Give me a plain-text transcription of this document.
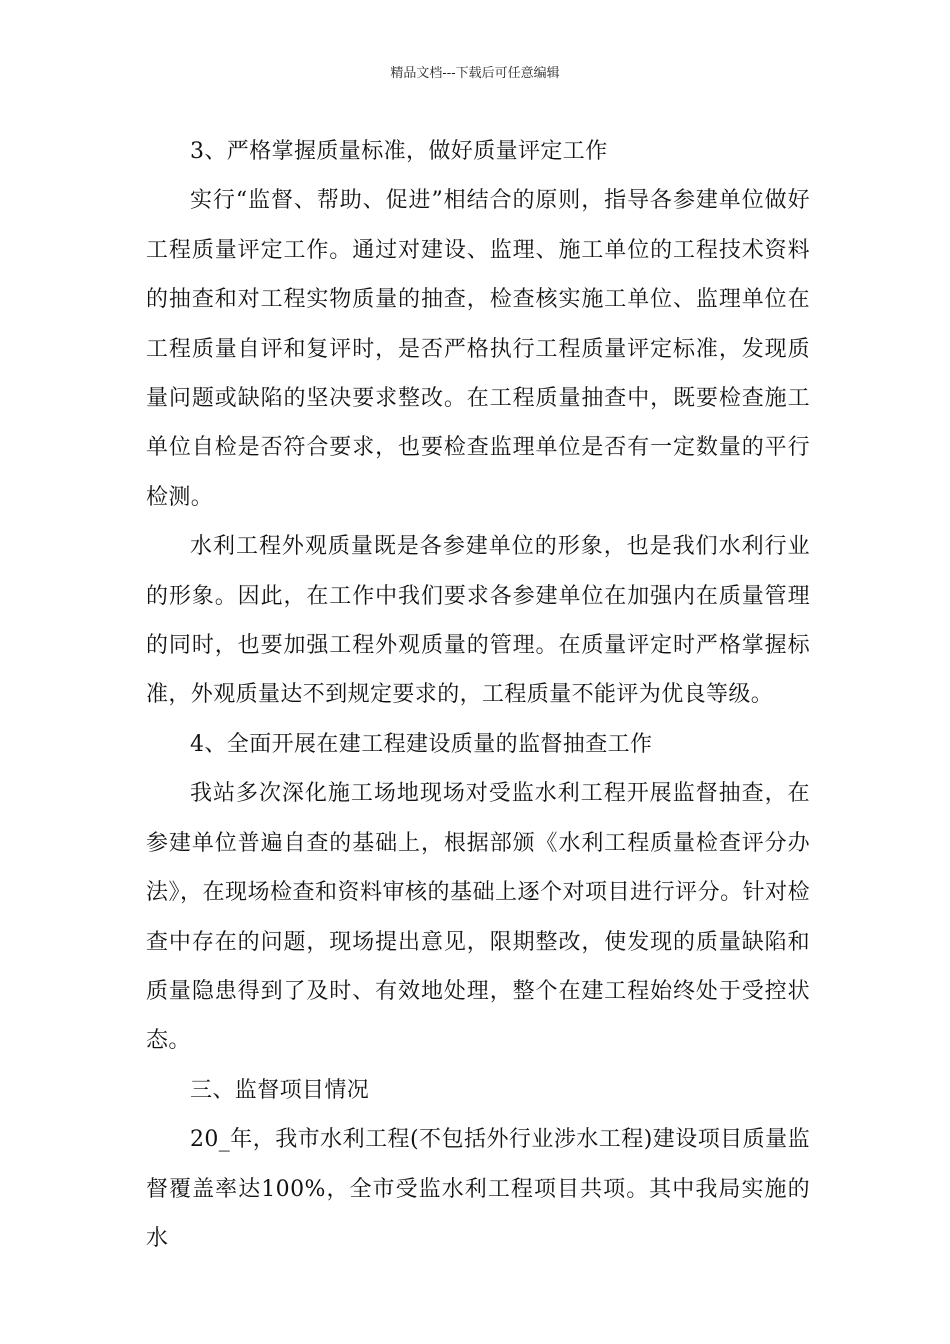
精品文档---下载后可任意编辑

3、严格掌握质量标准，做好质量评定工作

实行“监督、帮助、促进”相结合的原则，指导各参建单位做好工程质量评定工作。通过对建设、监理、施工单位的工程技术资料的抽查和对工程实物质量的抽查，检查核实施工单位、监理单位在工程质量自评和复评时，是否严格执行工程质量评定标准，发现质量问题或缺陷的坚决要求整改。在工程质量抽查中，既要检查施工单位自检是否符合要求，也要检查监理单位是否有一定数量的平行检测。

水利工程外观质量既是各参建单位的形象，也是我们水利行业的形象。因此，在工作中我们要求各参建单位在加强内在质量管理的同时，也要加强工程外观质量的管理。在质量评定时严格掌握标准，外观质量达不到规定要求的，工程质量不能评为优良等级。

4、全面开展在建工程建设质量的监督抽查工作

我站多次深化施工场地现场对受监水利工程开展监督抽查，在参建单位普遍自查的基础上，根据部颁《水利工程质量检查评分办法》，在现场检查和资料审核的基础上逐个对项目进行评分。针对检查中存在的问题，现场提出意见，限期整改，使发现的质量缺陷和质量隐患得到了及时、有效地处理，整个在建工程始终处于受控状态。

三、监督项目情况

20_年，我市水利工程(不包括外行业涉水工程)建设项目质量监督覆盖率达100%，全市受监水利工程项目共项。其中我局实施的水
